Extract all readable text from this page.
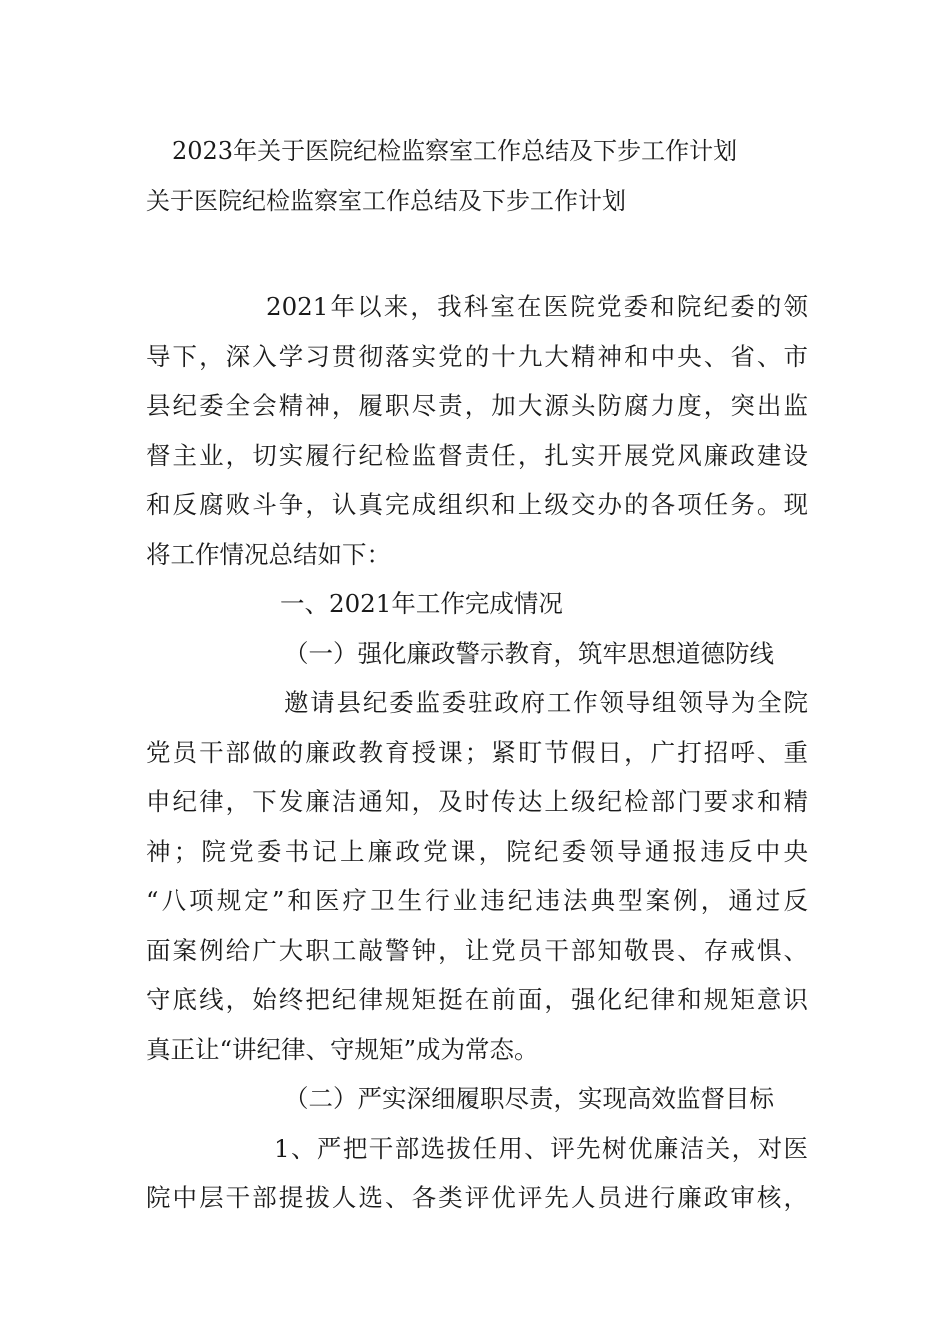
2023年关于医院纪检监察室工作总结及下步工作计划
关于医院纪检监察室工作总结及下步工作计划
2021年以来，我科室在医院党委和院纪委的领
导下，深入学习贯彻落实党的十九大精神和中央、省、市
县纪委全会精神，履职尽责，加大源头防腐力度，突出监
督主业，切实履行纪检监督责任，扎实开展党风廉政建设
和反腐败斗争，认真完成组织和上级交办的各项任务。现
将工作情况总结如下：
一、2021年工作完成情况
（一）强化廉政警示教育，筑牢思想道德防线
邀请县纪委监委驻政府工作领导组领导为全院
党员干部做的廉政教育授课；紧盯节假日，广打招呼、重
申纪律，下发廉洁通知，及时传达上级纪检部门要求和精
神；院党委书记上廉政党课，院纪委领导通报违反中央
“八项规定”和医疗卫生行业违纪违法典型案例，通过反
面案例给广大职工敲警钟，让党员干部知敬畏、存戒惧、
守底线，始终把纪律规矩挺在前面，强化纪律和规矩意识
真正让“讲纪律、守规矩”成为常态。
（二）严实深细履职尽责，实现高效监督目标
1、严把干部选拔任用、评先树优廉洁关，对医
院中层干部提拔人选、各类评优评先人员进行廉政审核，
